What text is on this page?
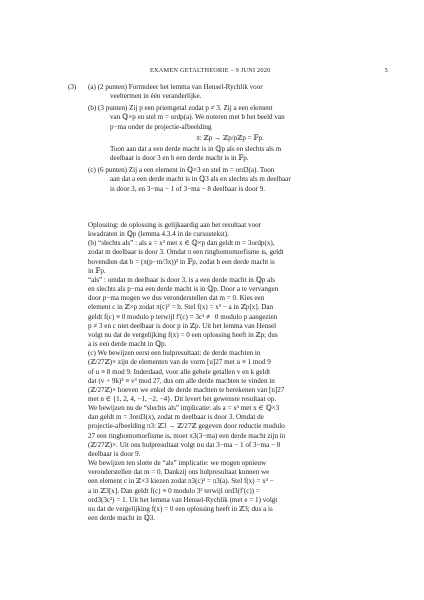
EXAMEN GETALTHEORIE – 9 JUNI 2020	5
(3) (a) (2 punten) Formuleer het lemma van Hensel-Rychlik voor
veeltermen in één veranderlijke.
(b) (3 punten) Zij p een priemgetal zodat p ≠ 3. Zij a een element
van ℚ×p en stel m = ordp(a). We noteren met b het beeld van
p−ma onder de projectie-afbeelding
π: ℤp → ℤp/pℤp = 𝔽p.
Toon aan dat a een derde macht is in ℚp als en slechts als m
deelbaar is door 3 en b een derde macht is in 𝔽p.
(c) (6 punten) Zij a een element in ℚ×3 en stel m = ord3(a). Toon
aan dat a een derde macht is in ℚ3 als en slechts als m deelbaar
is door 3, en 3−ma − 1 of 3−ma − 8 deelbaar is door 9.
Oplossing: de oplossing is gelijkaardig aan het resultaat voor
kwadraten in ℚp (lemma 4.3.4 in de cursustekst).
(b) “slechts als” : als a = x³ met x ∈ ℚ×p dan geldt m = 3ordp(x),
zodat m deelbaar is door 3. Omdat π een ringhomomorfisme is, geldt
bovendien dat b = (π(p−m/3x))³ in 𝔽p, zodat b een derde macht is
in 𝔽p.
“als” : omdat m deelbaar is door 3, is a een derde macht in ℚp als
en slechts als p−ma een derde macht is in ℚp. Door a te vervangen
door p−ma mogen we dus veronderstellen dat m = 0. Kies een
element c in ℤ×p zodat π(c)³ = b. Stel f(x) = x³ − a in ℤp[x]. Dan
geldt f(c) ≡ 0 modulo p terwijl f′(c) = 3c² ≢ 0 modulo p aangezien
p ≠ 3 en c niet deelbaar is door p in ℤp. Uit het lemma van Hensel
volgt nu dat de vergelijking f(x) = 0 een oplossing heeft in ℤp; dus
a is een derde macht in ℚp.
(c) We bewijzen eerst een hulpresultaat: de derde machten in
(ℤ/27ℤ)× zijn de elementen van de vorm [u]27 met u ≡ 1 mod 9
of u ≡ 8 mod 9. Inderdaad, voor alle gehele getallen v en k geldt
dat (v + 9k)³ ≡ v³ mod 27, dus om alle derde machten te vinden in
(ℤ/27ℤ)× hoeven we enkel de derde machten te berekenen van [n]27
met n ∈ {1, 2, 4, −1, −2, −4}. Dit levert het gewenste resultaat op.
We bewijzen nu de “slechts als” implicatie: als a = x³ met x ∈ ℚ×3
dan geldt m = 3ord3(x), zodat m deelbaar is door 3. Omdat de
projectie-afbeelding π3: ℤ3 → ℤ/27ℤ gegeven door reductie modulo
27 een ringhomomorfisme is, moet π3(3−ma) een derde macht zijn in
(ℤ/27ℤ)×. Uit ons hulpresultaat volgt nu dat 3−ma − 1 of 3−ma − 8
deelbaar is door 9.
We bewijzen ten slotte de “als” implicatie: we mogen opnieuw
veronderstellen dat m = 0. Dankzij ons hulpresultaat kunnen we
een element c in ℤ×3 kiezen zodat π3(c)³ = π3(a). Stel f(x) = x³ −
a in ℤ3[x]. Dan geldt f(c) ≡ 0 modulo 3³ terwijl ord3(f′(c)) =
ord3(3c²) = 1. Uit het lemma van Hensel-Rychlik (met e = 1) volgt
nu dat de vergelijking f(x) = 0 een oplossing heeft in ℤ3; dus a is
een derde macht in ℚ3.
